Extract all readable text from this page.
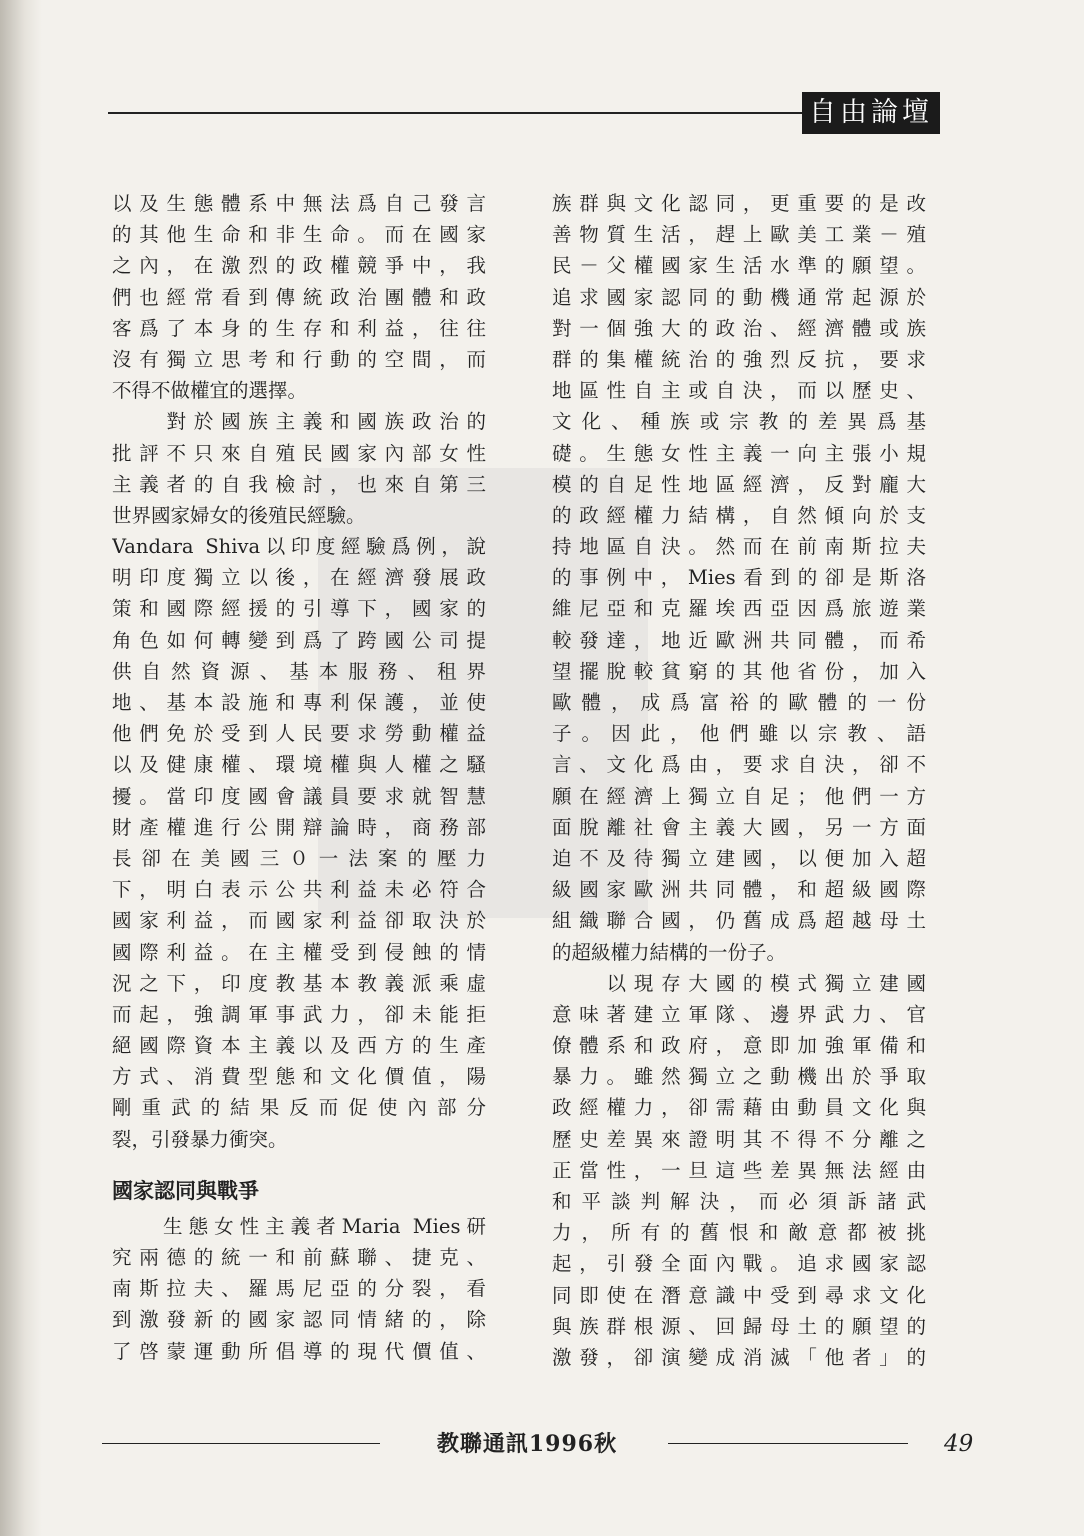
自由論壇
以及生態體系中無法爲自己發言
的其他生命和非生命。而在國家
之內，在激烈的政權競爭中，我
們也經常看到傳統政治團體和政
客爲了本身的生存和利益，往往
沒有獨立思考和行動的空間，而
不得不做權宜的選擇。
　　對於國族主義和國族政治的
批評不只來自殖民國家內部女性
主義者的自我檢討，也來自第三
世界國家婦女的後殖民經驗。
Vandara Shiva以印度經驗爲例，說
明印度獨立以後，在經濟發展政
策和國際經援的引導下，國家的
角色如何轉變到爲了跨國公司提
供自然資源、基本服務、租界
地、基本設施和專利保護，並使
他們免於受到人民要求勞動權益
以及健康權、環境權與人權之騷
擾。當印度國會議員要求就智慧
財產權進行公開辯論時，商務部
長卻在美國三０一法案的壓力
下，明白表示公共利益未必符合
國家利益，而國家利益卻取決於
國際利益。在主權受到侵蝕的情
況之下，印度教基本教義派乘虛
而起，強調軍事武力，卻未能拒
絕國際資本主義以及西方的生產
方式、消費型態和文化價值，陽
剛重武的結果反而促使內部分
裂，引發暴力衝突。
國家認同與戰爭
　　生態女性主義者Maria Mies研
究兩德的統一和前蘇聯、捷克、
南斯拉夫、羅馬尼亞的分裂，看
到激發新的國家認同情緒的，除
了啓蒙運動所倡導的現代價值、
族群與文化認同，更重要的是改
善物質生活，趕上歐美工業－殖
民－父權國家生活水準的願望。
追求國家認同的動機通常起源於
對一個強大的政治、經濟體或族
群的集權統治的強烈反抗，要求
地區性自主或自決，而以歷史、
文化、種族或宗教的差異爲基
礎。生態女性主義一向主張小規
模的自足性地區經濟，反對龐大
的政經權力結構，自然傾向於支
持地區自決。然而在前南斯拉夫
的事例中，Mies看到的卻是斯洛
維尼亞和克羅埃西亞因爲旅遊業
較發達，地近歐洲共同體，而希
望擺脫較貧窮的其他省份，加入
歐體，成爲富裕的歐體的一份
子。因此，他們雖以宗教、語
言、文化爲由，要求自決，卻不
願在經濟上獨立自足；他們一方
面脫離社會主義大國，另一方面
迫不及待獨立建國，以便加入超
級國家歐洲共同體，和超級國際
組織聯合國，仍舊成爲超越母土
的超級權力結構的一份子。
　　以現存大國的模式獨立建國
意味著建立軍隊、邊界武力、官
僚體系和政府，意即加強軍備和
暴力。雖然獨立之動機出於爭取
政經權力，卻需藉由動員文化與
歷史差異來證明其不得不分離之
正當性，一旦這些差異無法經由
和平談判解決，而必須訴諸武
力，所有的舊恨和敵意都被挑
起，引發全面內戰。追求國家認
同即使在潛意識中受到尋求文化
與族群根源、回歸母土的願望的
激發，卻演變成消滅「他者」的
教聯通訊1996秋	49
